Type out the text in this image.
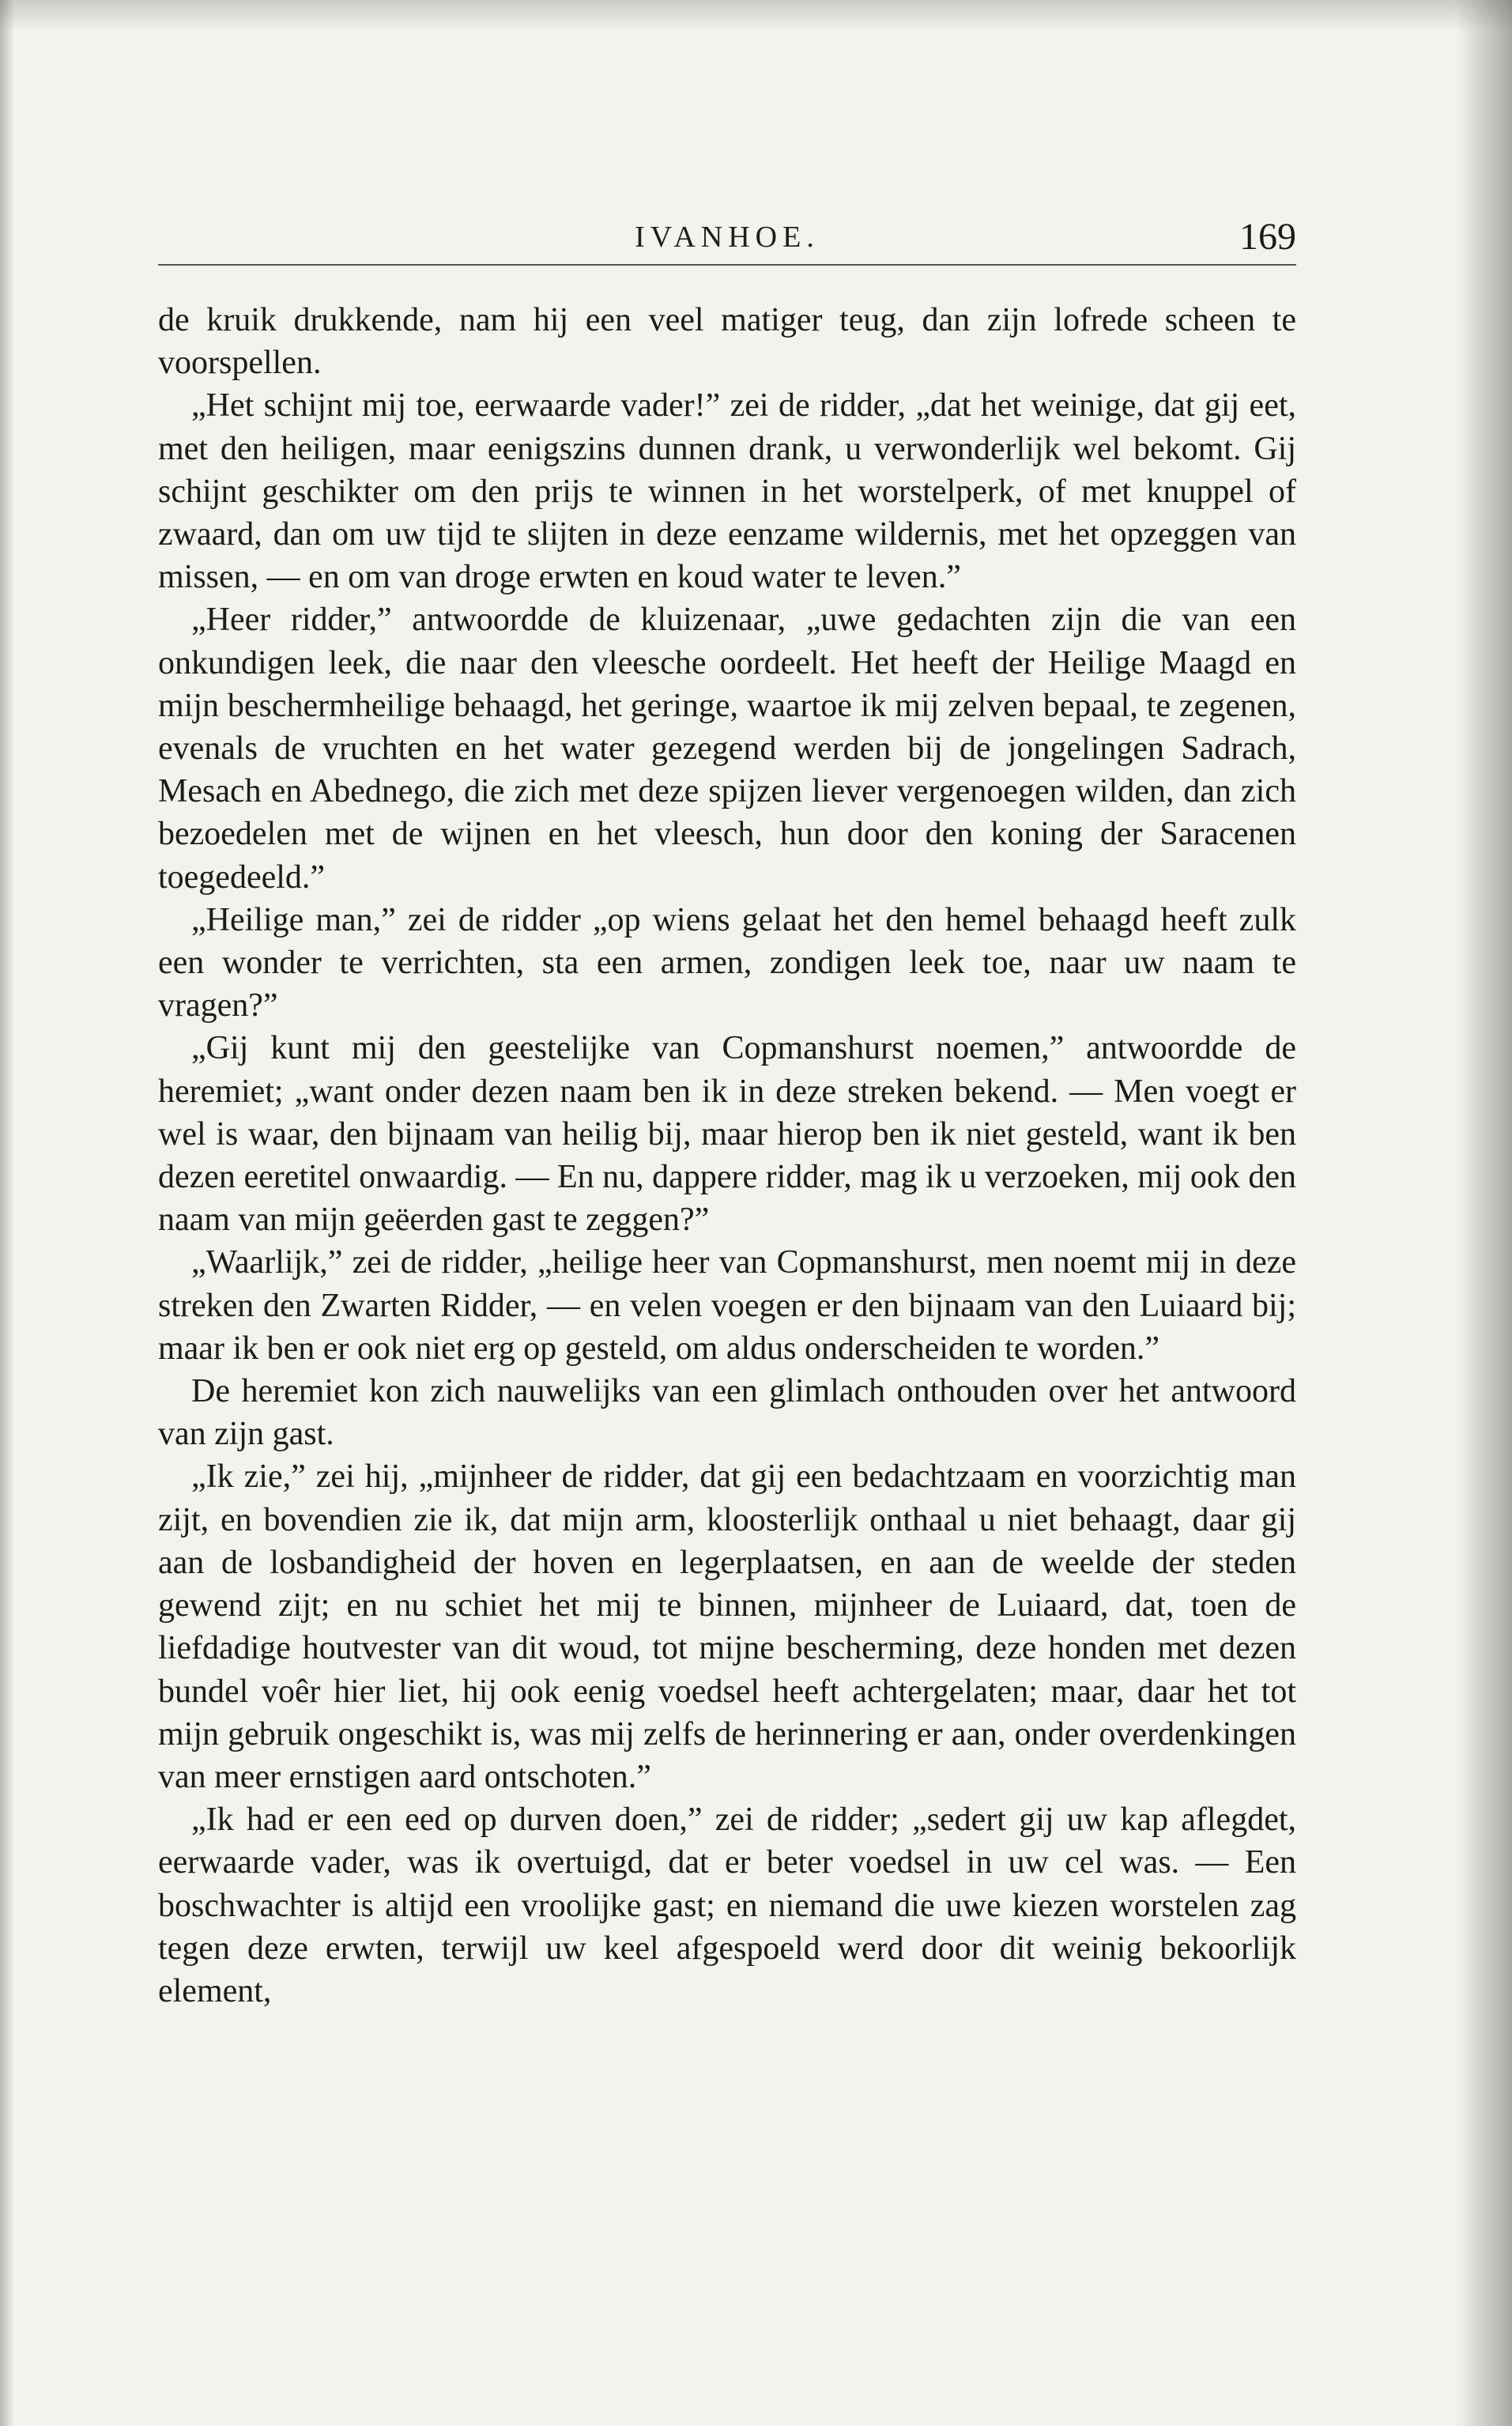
IVANHOE.	169

de kruik drukkende, nam hij een veel matiger teug, dan zijn lofrede scheen te voorspellen.

„Het schijnt mij toe, eerwaarde vader!” zei de ridder, „dat het weinige, dat gij eet, met den heiligen, maar eenigszins dunnen drank, u verwonderlijk wel bekomt. Gij schijnt geschikter om den prijs te winnen in het worstelperk, of met knuppel of zwaard, dan om uw tijd te slijten in deze eenzame wildernis, met het opzeggen van missen, — en om van droge erwten en koud water te leven.”

„Heer ridder,” antwoordde de kluizenaar, „uwe gedachten zijn die van een onkundigen leek, die naar den vleesche oordeelt. Het heeft der Heilige Maagd en mijn beschermheilige behaagd, het geringe, waartoe ik mij zelven bepaal, te zegenen, evenals de vruchten en het water gezegend werden bij de jongelingen Sadrach, Mesach en Abednego, die zich met deze spijzen liever vergenoegen wilden, dan zich bezoedelen met de wijnen en het vleesch, hun door den koning der Saracenen toegedeeld.”

„Heilige man,” zei de ridder „op wiens gelaat het den hemel behaagd heeft zulk een wonder te verrichten, sta een armen, zondigen leek toe, naar uw naam te vragen?”

„Gij kunt mij den geestelijke van Copmanshurst noemen,” antwoordde de heremiet; „want onder dezen naam ben ik in deze streken bekend. — Men voegt er wel is waar, den bijnaam van heilig bij, maar hierop ben ik niet gesteld, want ik ben dezen eeretitel onwaardig. — En nu, dappere ridder, mag ik u verzoeken, mij ook den naam van mijn geëerden gast te zeggen?”

„Waarlijk,” zei de ridder, „heilige heer van Copmanshurst, men noemt mij in deze streken den Zwarten Ridder, — en velen voegen er den bijnaam van den Luiaard bij; maar ik ben er ook niet erg op gesteld, om aldus onderscheiden te worden.”

De heremiet kon zich nauwelijks van een glimlach onthouden over het antwoord van zijn gast.

„Ik zie,” zei hij, „mijnheer de ridder, dat gij een bedachtzaam en voorzichtig man zijt, en bovendien zie ik, dat mijn arm, kloosterlijk onthaal u niet behaagt, daar gij aan de losbandigheid der hoven en legerplaatsen, en aan de weelde der steden gewend zijt; en nu schiet het mij te binnen, mijnheer de Luiaard, dat, toen de liefdadige houtvester van dit woud, tot mijne bescherming, deze honden met dezen bundel voêr hier liet, hij ook eenig voedsel heeft achtergelaten; maar, daar het tot mijn gebruik ongeschikt is, was mij zelfs de herinnering er aan, onder overdenkingen van meer ernstigen aard ontschoten.”

„Ik had er een eed op durven doen,” zei de ridder; „sedert gij uw kap aflegdet, eerwaarde vader, was ik overtuigd, dat er beter voedsel in uw cel was. — Een boschwachter is altijd een vroolijke gast; en niemand die uwe kiezen worstelen zag tegen deze erwten, terwijl uw keel afgespoeld werd door dit weinig bekoorlijk element,
